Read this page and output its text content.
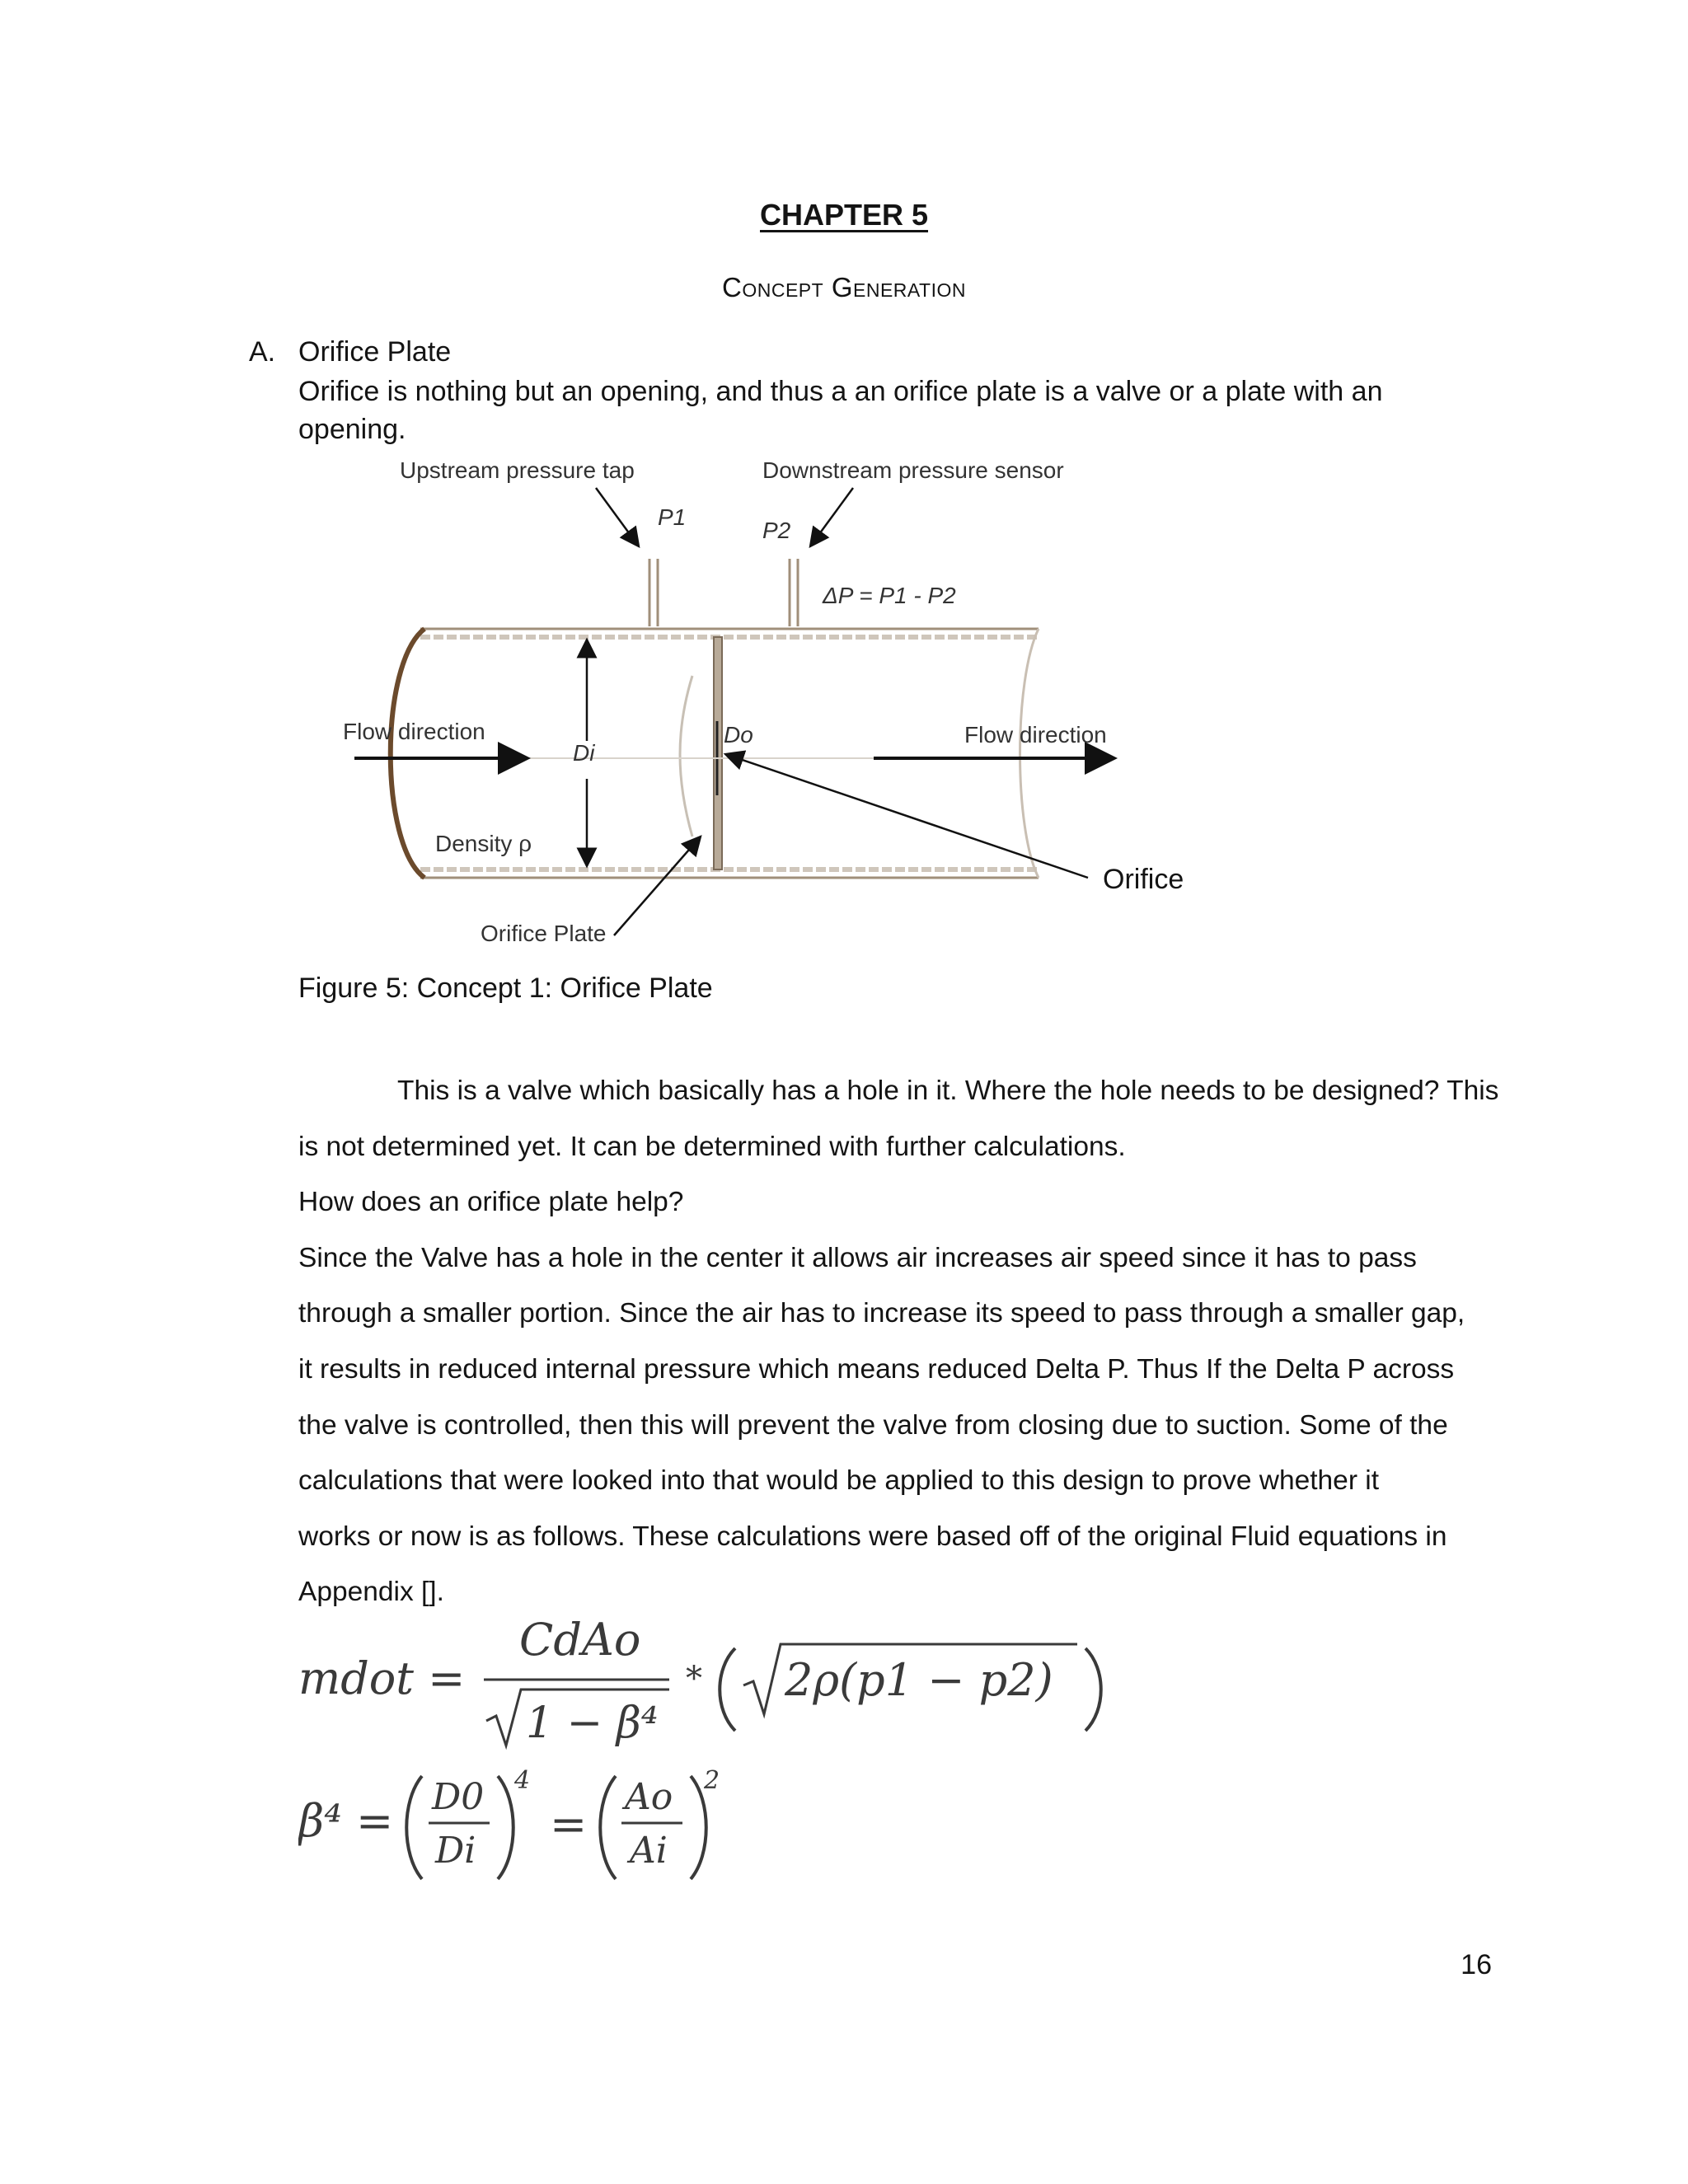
CHAPTER 5
Concept Generation
A. Orifice Plate
Orifice is nothing but an opening, and thus a an orifice plate is a valve or a plate with an
opening.
Upstream pressure tap	Downstream pressure sensor
P1
P2
ΔP = P1 - P2
Flow direction	Flow direction
Di
Do
Density ρ
Orifice Plate
Orifice
Figure 5: Concept 1: Orifice Plate

This is a valve which basically has a hole in it. Where the hole needs to be designed? This

is not determined yet. It can be determined with further calculations.

How does an orifice plate help?

Since the Valve has a hole in the center it allows air increases air speed since it has to pass

through a smaller portion. Since the air has to increase its speed to pass through a smaller gap,

it results in reduced internal pressure which means reduced Delta P. Thus If the Delta P across

the valve is controlled, then this will prevent the valve from closing due to suction. Some of the

calculations that were looked into that would be applied to this design to prove whether it

works or now is as follows. These calculations were based off of the original Fluid equations in

Appendix [].

mdot =
CdAo
1 − β⁴
* 2ρ(p1 − p2)
β⁴ = D0
Di
4
=
Ao
Ai
2
16
